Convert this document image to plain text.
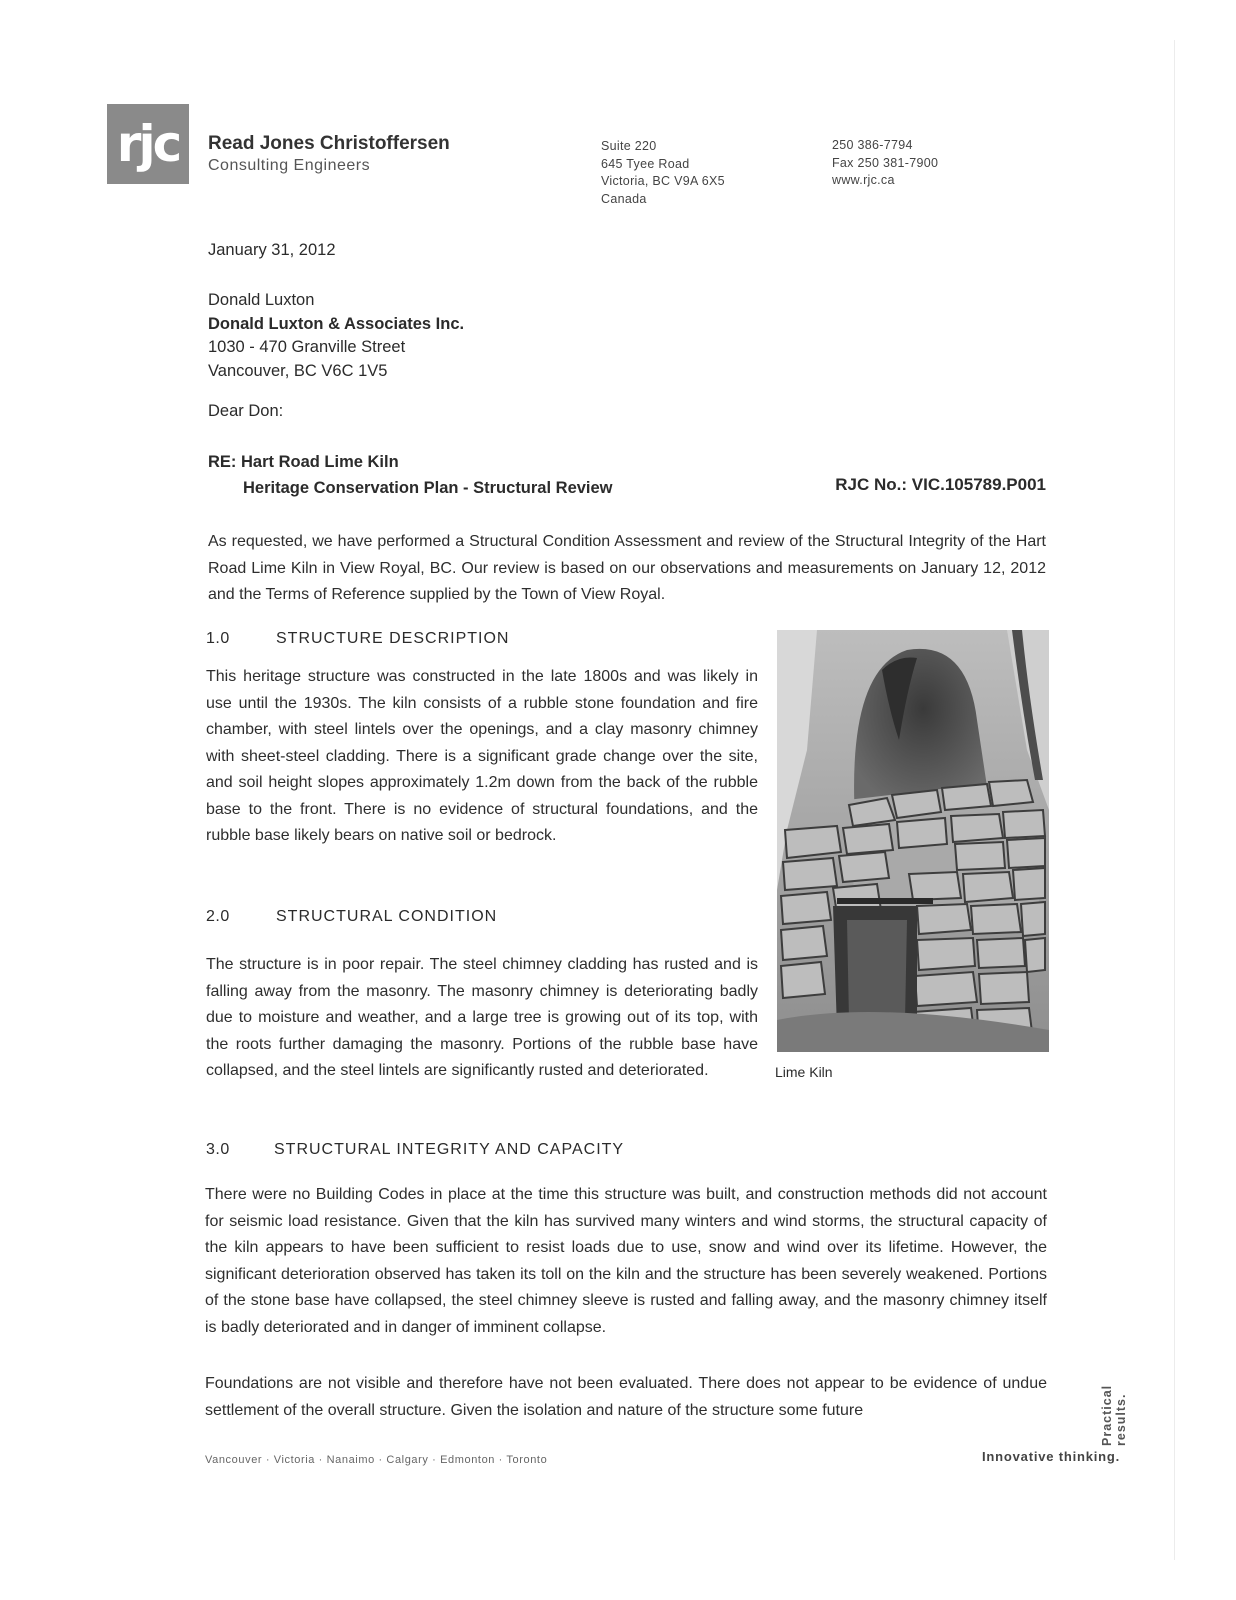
rjc	Read Jones Christoffersen
Consulting Engineers
Suite 220
645 Tyee Road
Victoria, BC V9A 6X5
Canada
250 386-7794
Fax 250 381-7900
www.rjc.ca
January 31, 2012
Donald Luxton
Donald Luxton & Associates Inc.
1030 - 470 Granville Street
Vancouver, BC V6C 1V5
Dear Don:
RE: Hart Road Lime Kiln
Heritage Conservation Plan - Structural Review	RJC No.: VIC.105789.P001
As requested, we have performed a Structural Condition Assessment and review of the Structural Integrity of the Hart Road Lime Kiln in View Royal, BC. Our review is based on our observations and measurements on January 12, 2012 and the Terms of Reference supplied by the Town of View Royal.
1.0	STRUCTURE DESCRIPTION
This heritage structure was constructed in the late 1800s and was likely in use until the 1930s. The kiln consists of a rubble stone foundation and fire chamber, with steel lintels over the openings, and a clay masonry chimney with sheet-steel cladding. There is a significant grade change over the site, and soil height slopes approximately 1.2m down from the back of the rubble base to the front. There is no evidence of structural foundations, and the rubble base likely bears on native soil or bedrock.
2.0	STRUCTURAL CONDITION
The structure is in poor repair. The steel chimney cladding has rusted and is falling away from the masonry. The masonry chimney is deteriorating badly due to moisture and weather, and a large tree is growing out of its top, with the roots further damaging the masonry. Portions of the rubble base have collapsed, and the steel lintels are significantly rusted and deteriorated.	Lime Kiln
3.0	STRUCTURAL INTEGRITY AND CAPACITY
There were no Building Codes in place at the time this structure was built, and construction methods did not account for seismic load resistance. Given that the kiln has survived many winters and wind storms, the structural capacity of the kiln appears to have been sufficient to resist loads due to use, snow and wind over its lifetime. However, the significant deterioration observed has taken its toll on the kiln and the structure has been severely weakened. Portions of the stone base have collapsed, the steel chimney sleeve is rusted and falling away, and the masonry chimney itself is badly deteriorated and in danger of imminent collapse.
Foundations are not visible and therefore have not been evaluated. There does not appear to be evidence of undue settlement of the overall structure. Given the isolation and nature of the structure some future
Vancouver · Victoria · Nanaimo · Calgary · Edmonton · Toronto
Practical results.
Innovative thinking.
